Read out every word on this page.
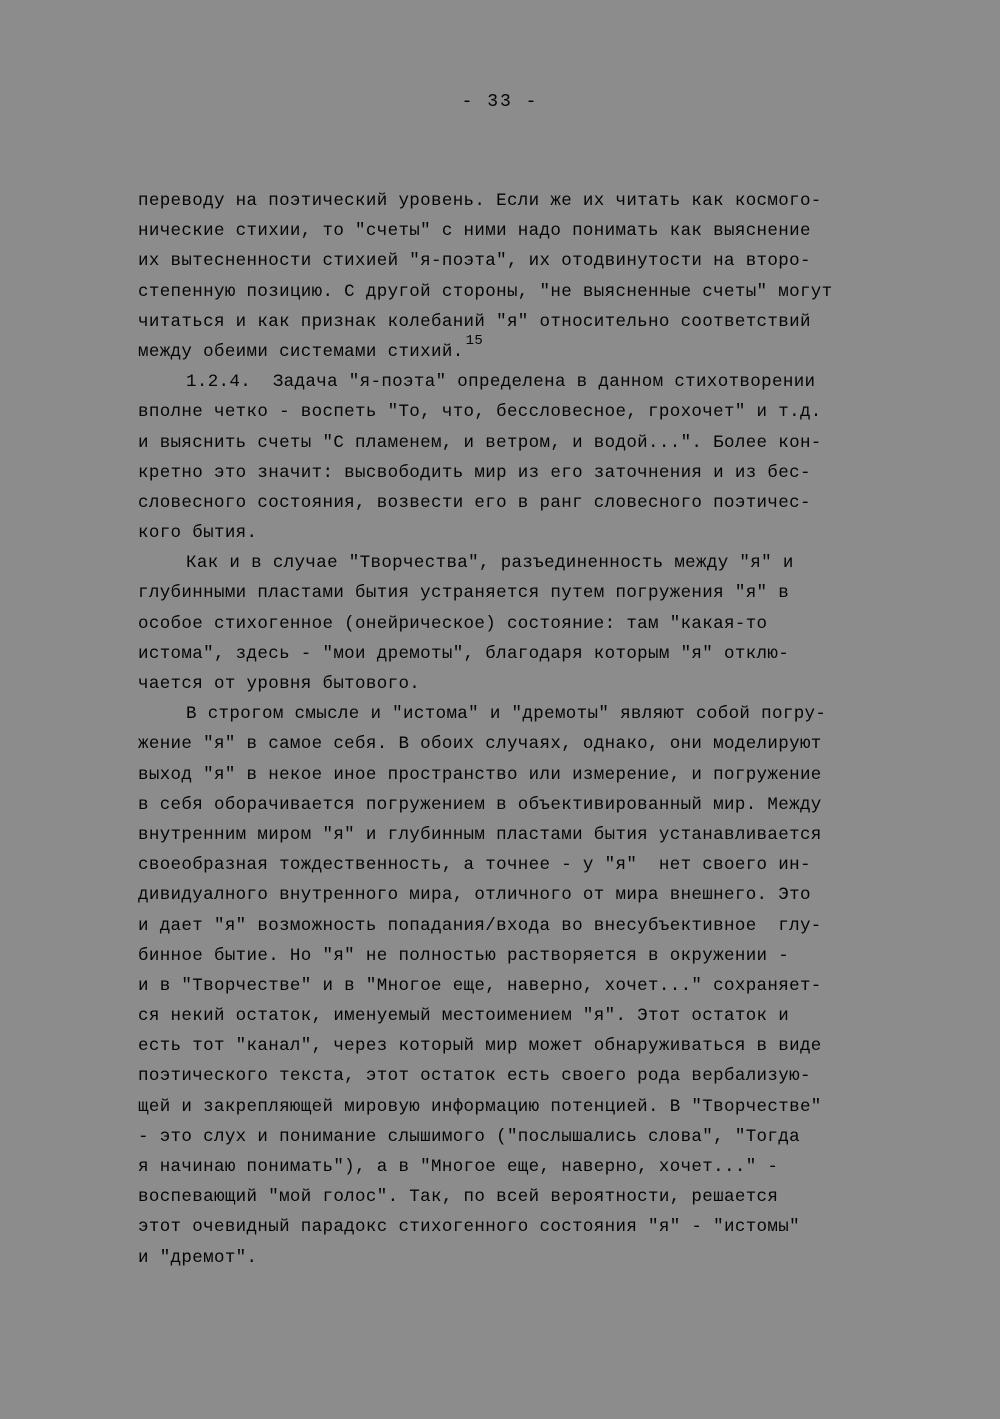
- 33 -
переводу на поэтический уровень. Если же их читать как космого-
нические стихии, то "счеты" с ними надо понимать как выяснение
их вытесненности стихией "я-поэта", их отодвинутости на второ-
степенную позицию. С другой стороны, "не выясненные счеты" могут
читаться и как признак колебаний "я" относительно соответствий
между обеими системами стихий.$^{15}$
1.2.4.  Задача "я-поэта" определена в данном стихотворении
вполне четко - воспеть "То, что, бессловесное, грохочет" и т.д.
и выяснить счеты "С пламенем, и ветром, и водой...". Более кон-
кретно это значит: высвободить мир из его заточнения и из бес-
словесного состояния, возвести его в ранг словесного поэтичес-
кого бытия.
Как и в случае "Творчества", разъединенность между "я" и
глубинными пластами бытия устраняется путем погружения "я" в
особое стихогенное (онейрическое) состояние: там "какая-то
истома", здесь - "мои дремоты", благодаря которым "я" отклю-
чается от уровня бытового.
В строгом смысле и "истома" и "дремоты" являют собой погру-
жение "я" в самое себя. В обоих случаях, однако, они моделируют
выход "я" в некое иное пространство или измерение, и погружение
в себя оборачивается погружением в объективированный мир. Между
внутренним миром "я" и глубинным пластами бытия устанавливается
своеобразная тождественность, а точнее - у "я"  нет своего ин-
дивидуалного внутренного мира, отличного от мира внешнего. Это
и дает "я" возможность попадания/входа во внесубъективное  глу-
бинное бытие. Но "я" не полностью растворяется в окружении -
и в "Творчестве" и в "Многое еще, наверно, хочет..." сохраняет-
ся некий остаток, именуемый местоимением "я". Этот остаток и
есть тот "канал", через который мир может обнаруживаться в виде
поэтического текста, этот остаток есть своего рода вербализую-
щей и закрепляющей мировую информацию потенцией. В "Творчестве"
- это слух и понимание слышимого ("послышались слова", "Тогда
я начинаю понимать"), а в "Многое еще, наверно, хочет..." -
воспевающий "мой голос". Так, по всей вероятности, решается
этот очевидный парадокс стихогенного состояния "я" - "истомы"
и "дремот".
